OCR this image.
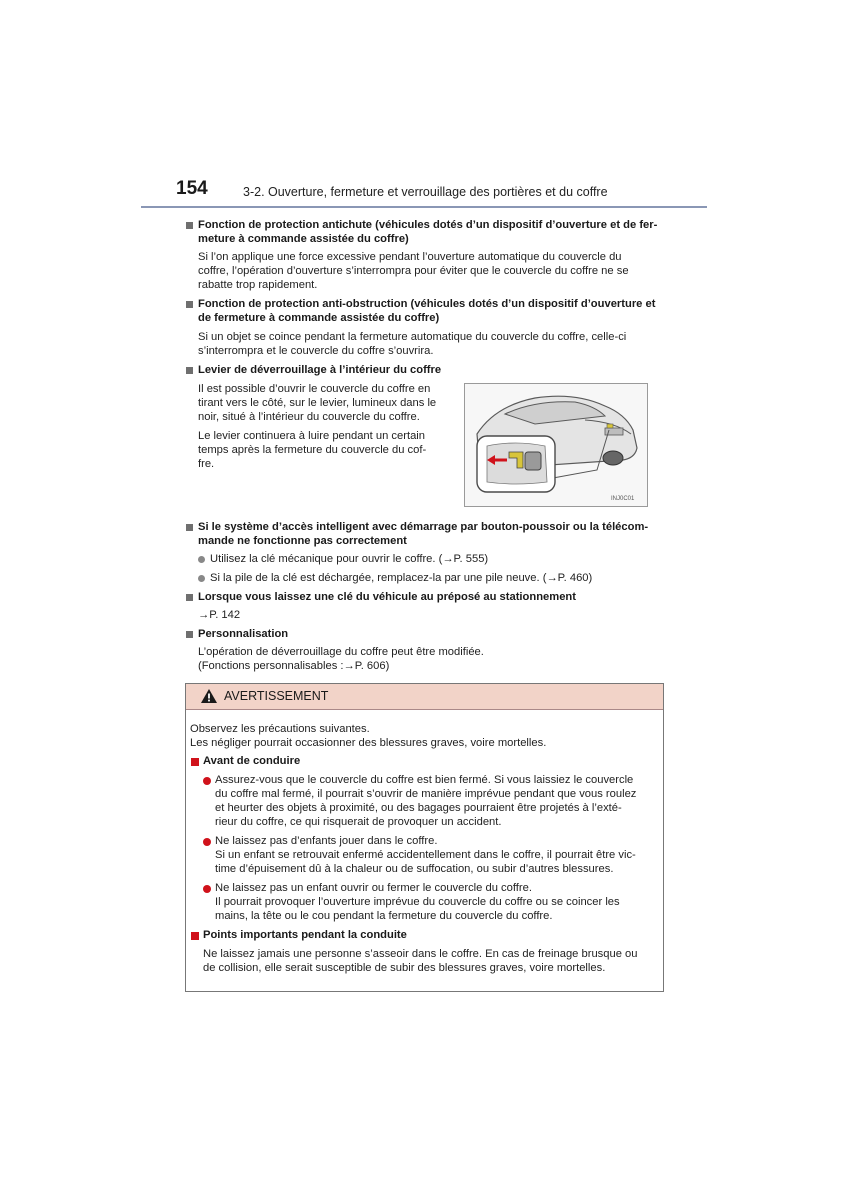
154	3-2. Ouverture, fermeture et verrouillage des portières et du coffre
Fonction de protection antichute (véhicules dotés d’un dispositif d’ouverture et de fer-
meture à commande assistée du coffre)
Si l’on applique une force excessive pendant l’ouverture automatique du couvercle du
coffre, l’opération d’ouverture s’interrompra pour éviter que le couvercle du coffre ne se
rabatte trop rapidement.
Fonction de protection anti-obstruction (véhicules dotés d’un dispositif d’ouverture et
de fermeture à commande assistée du coffre)
Si un objet se coince pendant la fermeture automatique du couvercle du coffre, celle-ci
s’interrompra et le couvercle du coffre s’ouvrira.
Levier de déverrouillage à l’intérieur du coffre
Il est possible d’ouvrir le couvercle du coffre en
tirant vers le côté, sur le levier, lumineux dans le
noir, situé à l’intérieur du couvercle du coffre.
Le levier continuera à luire pendant un certain
temps après la fermeture du couvercle du cof-
fre.
INJ0C01
Si le système d’accès intelligent avec démarrage par bouton-poussoir ou la télécom-
mande ne fonctionne pas correctement
Utilisez la clé mécanique pour ouvrir le coffre. (→P. 555)
Si la pile de la clé est déchargée, remplacez-la par une pile neuve. (→P. 460)
Lorsque vous laissez une clé du véhicule au préposé au stationnement
→P. 142
Personnalisation
L’opération de déverrouillage du coffre peut être modifiée.
(Fonctions personnalisables :→P. 606)
AVERTISSEMENT
Observez les précautions suivantes.
Les négliger pourrait occasionner des blessures graves, voire mortelles.
Avant de conduire
Assurez-vous que le couvercle du coffre est bien fermé. Si vous laissiez le couvercle
du coffre mal fermé, il pourrait s’ouvrir de manière imprévue pendant que vous roulez
et heurter des objets à proximité, ou des bagages pourraient être projetés à l’exté-
rieur du coffre, ce qui risquerait de provoquer un accident.
Ne laissez pas d’enfants jouer dans le coffre.
Si un enfant se retrouvait enfermé accidentellement dans le coffre, il pourrait être vic-
time d’épuisement dû à la chaleur ou de suffocation, ou subir d’autres blessures.
Ne laissez pas un enfant ouvrir ou fermer le couvercle du coffre.
Il pourrait provoquer l’ouverture imprévue du couvercle du coffre ou se coincer les
mains, la tête ou le cou pendant la fermeture du couvercle du coffre.
Points importants pendant la conduite
Ne laissez jamais une personne s’asseoir dans le coffre. En cas de freinage brusque ou
de collision, elle serait susceptible de subir des blessures graves, voire mortelles.
